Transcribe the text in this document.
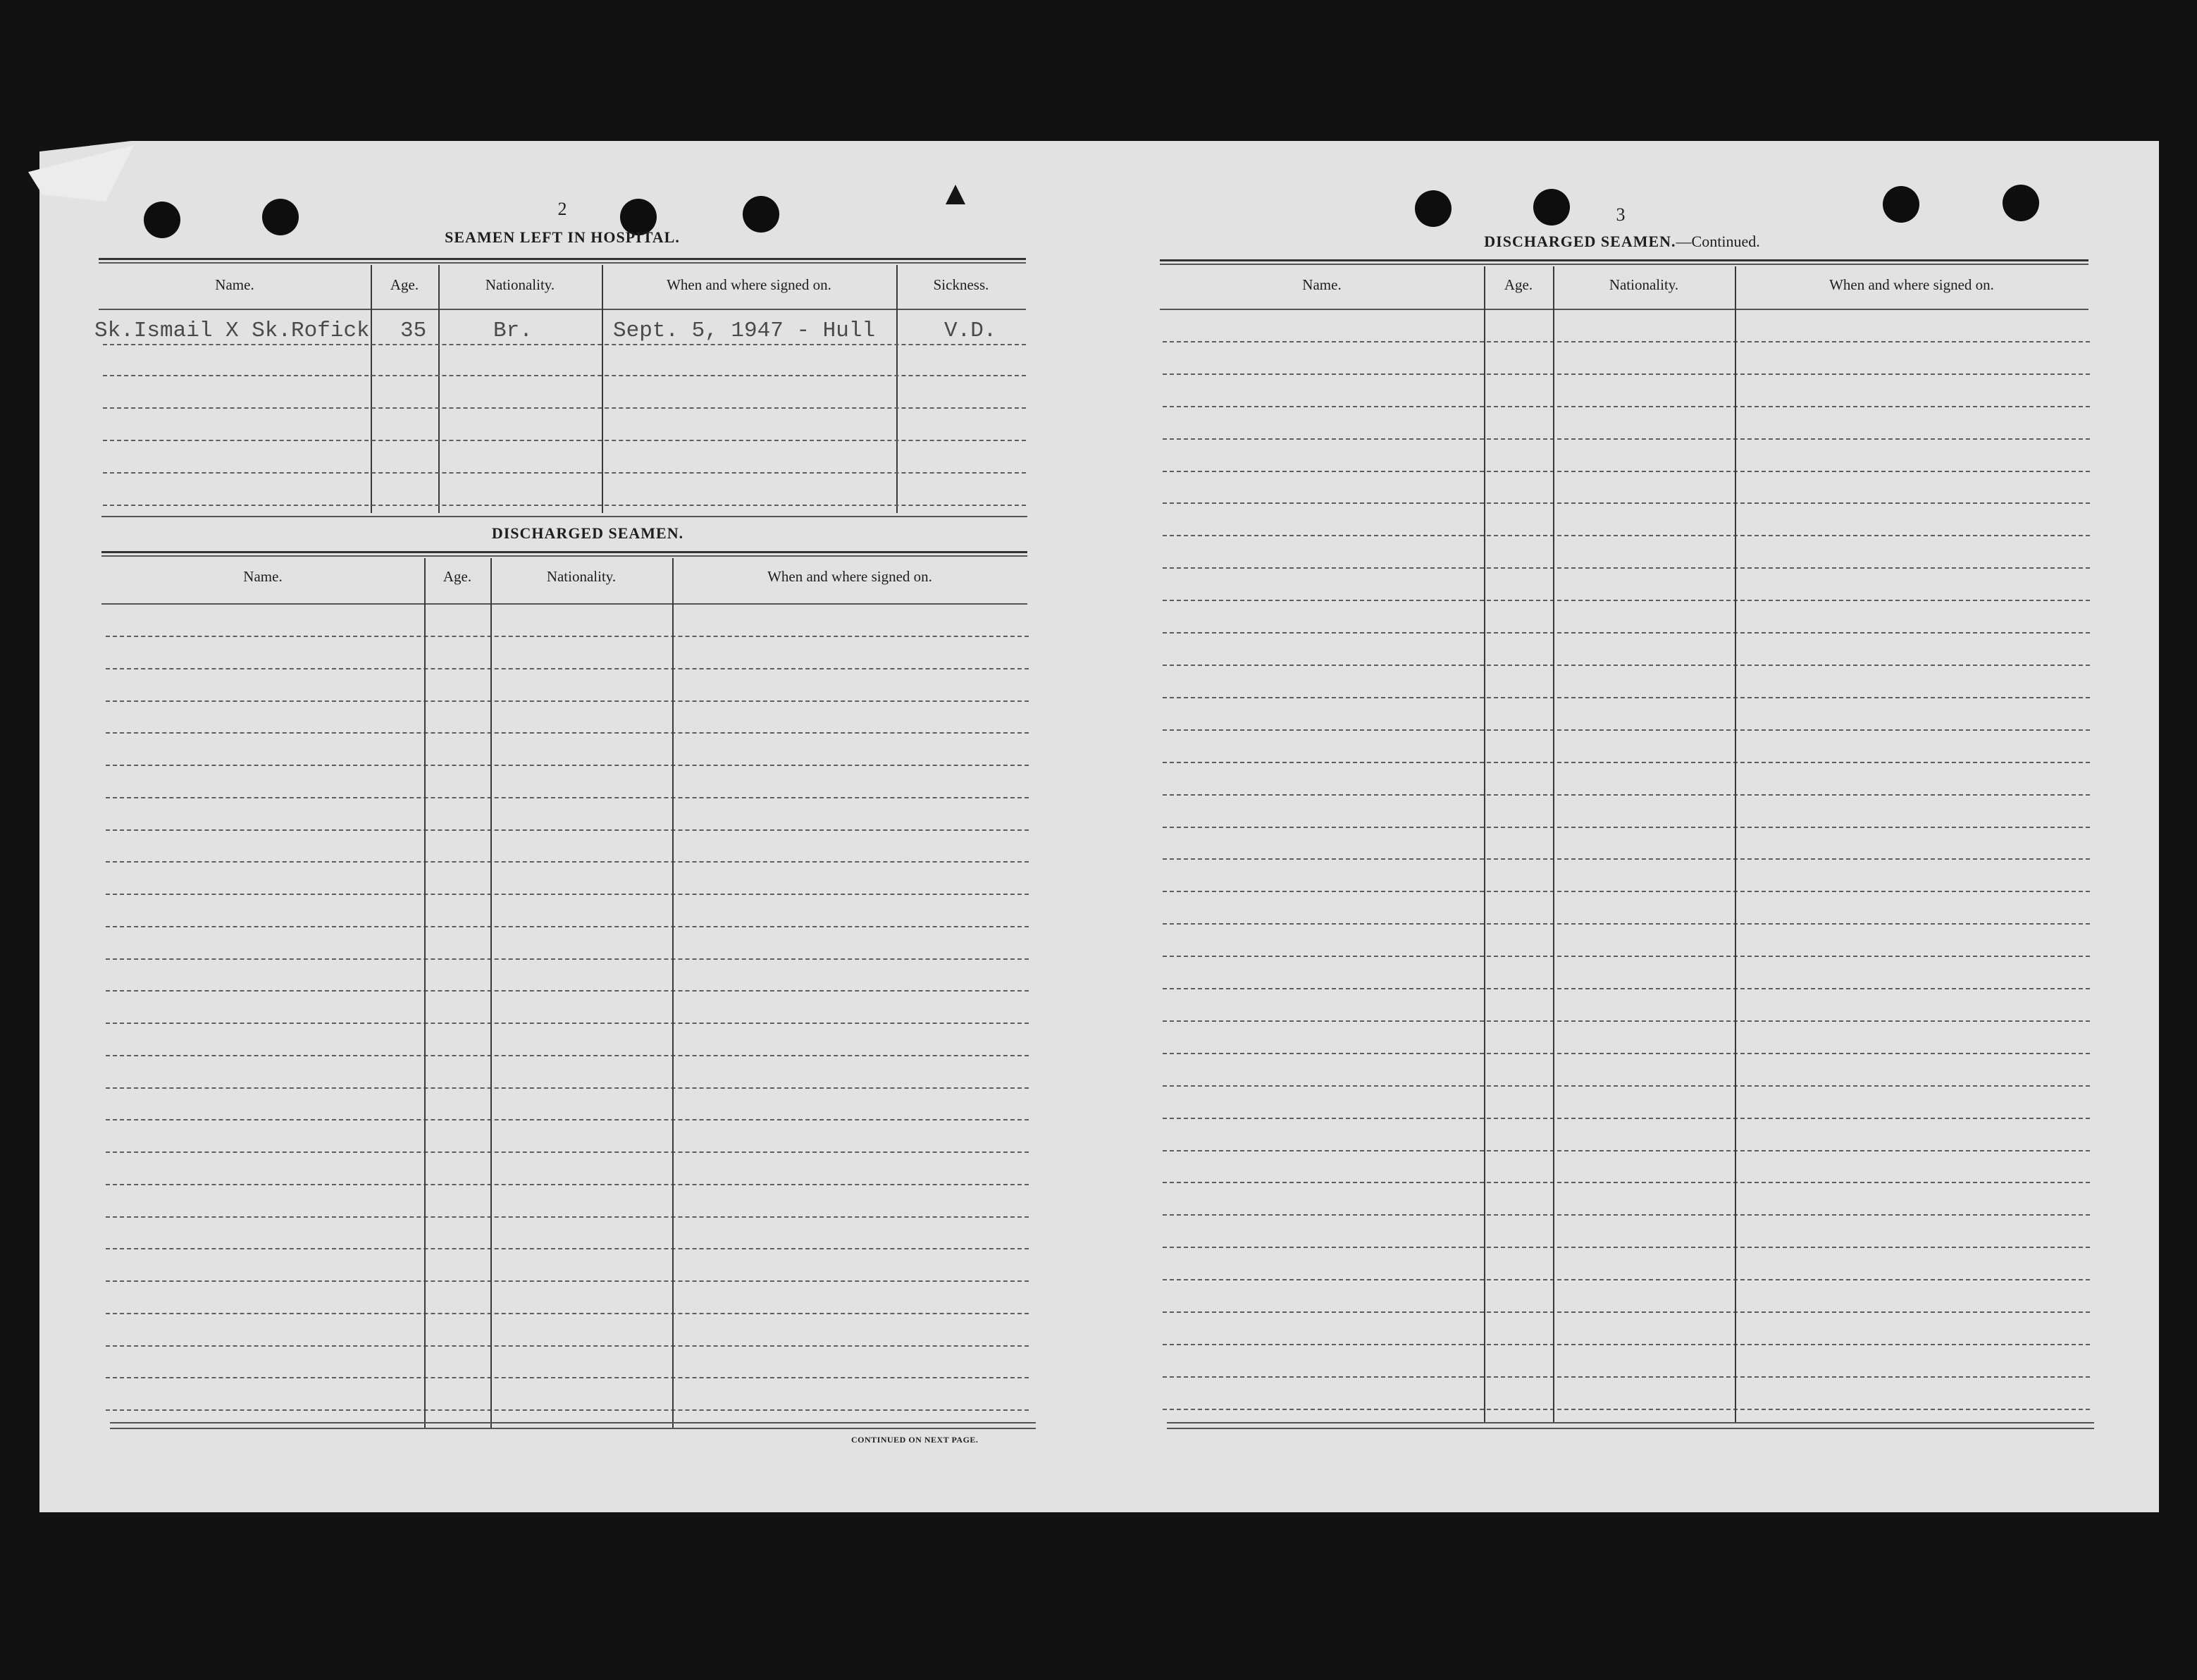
2
SEAMEN LEFT IN HOSPITAL.
Name.	Age.	Nationality.	When and where signed on.	Sickness.
Sk.Ismail X Sk.Rofick 35	Br.	Sept. 5, 1947 - Hull	V.D.
DISCHARGED SEAMEN.
Name.	Age.	Nationality.	When and where signed on.
CONTINUED ON NEXT PAGE.
3
DISCHARGED SEAMEN.—Continued.
Name.	Age.	Nationality.	When and where signed on.
